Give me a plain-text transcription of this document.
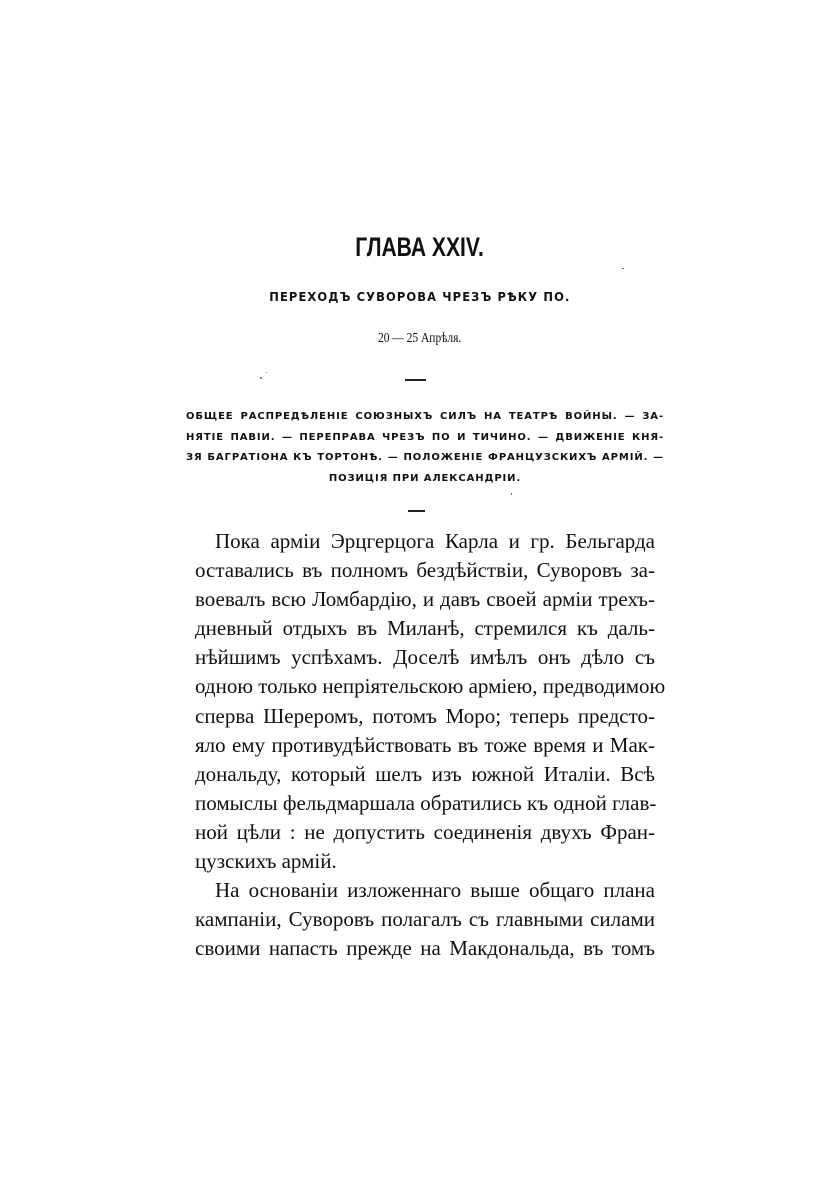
ГЛАВА XXIV.
ПЕРЕХОДЪ СУВОРОВА ЧРЕЗЪ РѢКУ ПО.
20 — 25 Апрѣля.
ОБЩЕЕ РАСПРЕДѢЛЕНІЕ СОЮЗНЫХЪ СИЛЪ НА ТЕАТРѢ ВОЙНЫ. — ЗА-
НЯТІЕ ПАВІИ. — ПЕРЕПРАВА ЧРЕЗЪ ПО И ТИЧИНО. — ДВИЖЕНІЕ КНЯ-
ЗЯ БАГРАТІОНА КЪ ТОРТОНѢ. — ПОЛОЖЕНІЕ ФРАНЦУЗСКИХЪ АРМІЙ. —
ПОЗИЦІЯ ПРИ АЛЕКСАНДРІИ.
Пока арміи Эрцгерцога Карла и гр. Бельгарда
оставались въ полномъ бездѣйствіи, Суворовъ за-
воевалъ всю Ломбардію, и давъ своей арміи трехъ-
дневный отдыхъ въ Миланѣ, стремился къ даль-
нѣйшимъ успѣхамъ. Доселѣ имѣлъ онъ дѣло съ
одною только непріятельскою арміею, предводимою
сперва Шереромъ, потомъ Моро; теперь предсто-
яло ему противудѣйствовать въ тоже время и Мак-
дональду, который шелъ изъ южной Италіи. Всѣ
помыслы фельдмаршала обратились къ одной глав-
ной цѣли : не допустить соединенія двухъ Фран-
цузскихъ армій.
На основаніи изложеннаго выше общаго плана
кампаніи, Суворовъ полагалъ съ главными силами
своими напасть прежде на Макдональда, въ томъ
